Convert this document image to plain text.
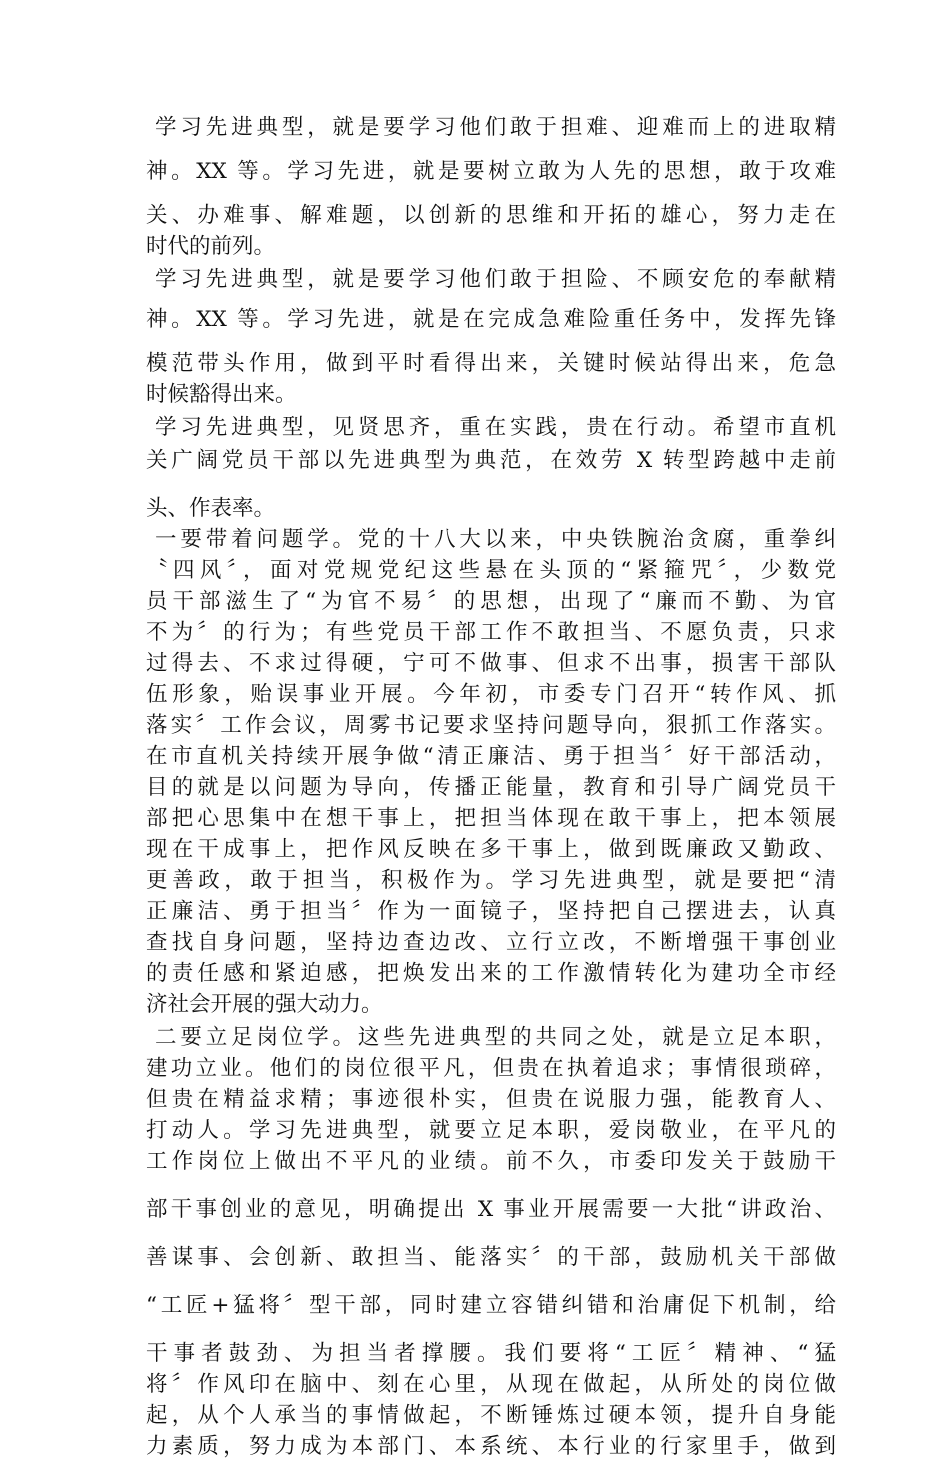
学习先进典型，就是要学习他们敢于担难、迎难而上的进取精
神。XX 等。学习先进，就是要树立敢为人先的思想，敢于攻难
关、办难事、解难题，以创新的思维和开拓的雄心，努力走在
时代的前列。
学习先进典型，就是要学习他们敢于担险、不顾安危的奉献精
神。XX 等。学习先进，就是在完成急难险重任务中，发挥先锋
模范带头作用，做到平时看得出来，关键时候站得出来，危急
时候豁得出来。
学习先进典型，见贤思齐，重在实践，贵在行动。希望市直机
关广阔党员干部以先进典型为典范，在效劳 X 转型跨越中走前
头、作表率。
一要带着问题学。党的十八大以来，中央铁腕治贪腐，重拳纠
〝四风〞，面对党规党纪这些悬在头顶的“紧箍咒〞，少数党
员干部滋生了“为官不易〞的思想，出现了“廉而不勤、为官
不为〞的行为；有些党员干部工作不敢担当、不愿负责，只求
过得去、不求过得硬，宁可不做事、但求不出事，损害干部队
伍形象，贻误事业开展。今年初，市委专门召开“转作风、抓
落实〞工作会议，周雾书记要求坚持问题导向，狠抓工作落实。
在市直机关持续开展争做“清正廉洁、勇于担当〞好干部活动，
目的就是以问题为导向，传播正能量，教育和引导广阔党员干
部把心思集中在想干事上，把担当体现在敢干事上，把本领展
现在干成事上，把作风反映在多干事上，做到既廉政又勤政、
更善政，敢于担当，积极作为。学习先进典型，就是要把“清
正廉洁、勇于担当〞作为一面镜子，坚持把自己摆进去，认真
查找自身问题，坚持边查边改、立行立改，不断增强干事创业
的责任感和紧迫感，把焕发出来的工作激情转化为建功全市经
济社会开展的强大动力。
二要立足岗位学。这些先进典型的共同之处，就是立足本职，
建功立业。他们的岗位很平凡，但贵在执着追求；事情很琐碎，
但贵在精益求精；事迹很朴实，但贵在说服力强，能教育人、
打动人。学习先进典型，就要立足本职，爱岗敬业，在平凡的
工作岗位上做出不平凡的业绩。前不久，市委印发关于鼓励干
部干事创业的意见，明确提出 X 事业开展需要一大批“讲政治、
善谋事、会创新、敢担当、能落实〞的干部，鼓励机关干部做
“工匠+猛将〞型干部，同时建立容错纠错和治庸促下机制，给
干事者鼓劲、为担当者撑腰。我们要将“工匠〞精神、“猛
将〞作风印在脑中、刻在心里，从现在做起，从所处的岗位做
起，从个人承当的事情做起，不断锤炼过硬本领，提升自身能
力素质，努力成为本部门、本系统、本行业的行家里手，做到
